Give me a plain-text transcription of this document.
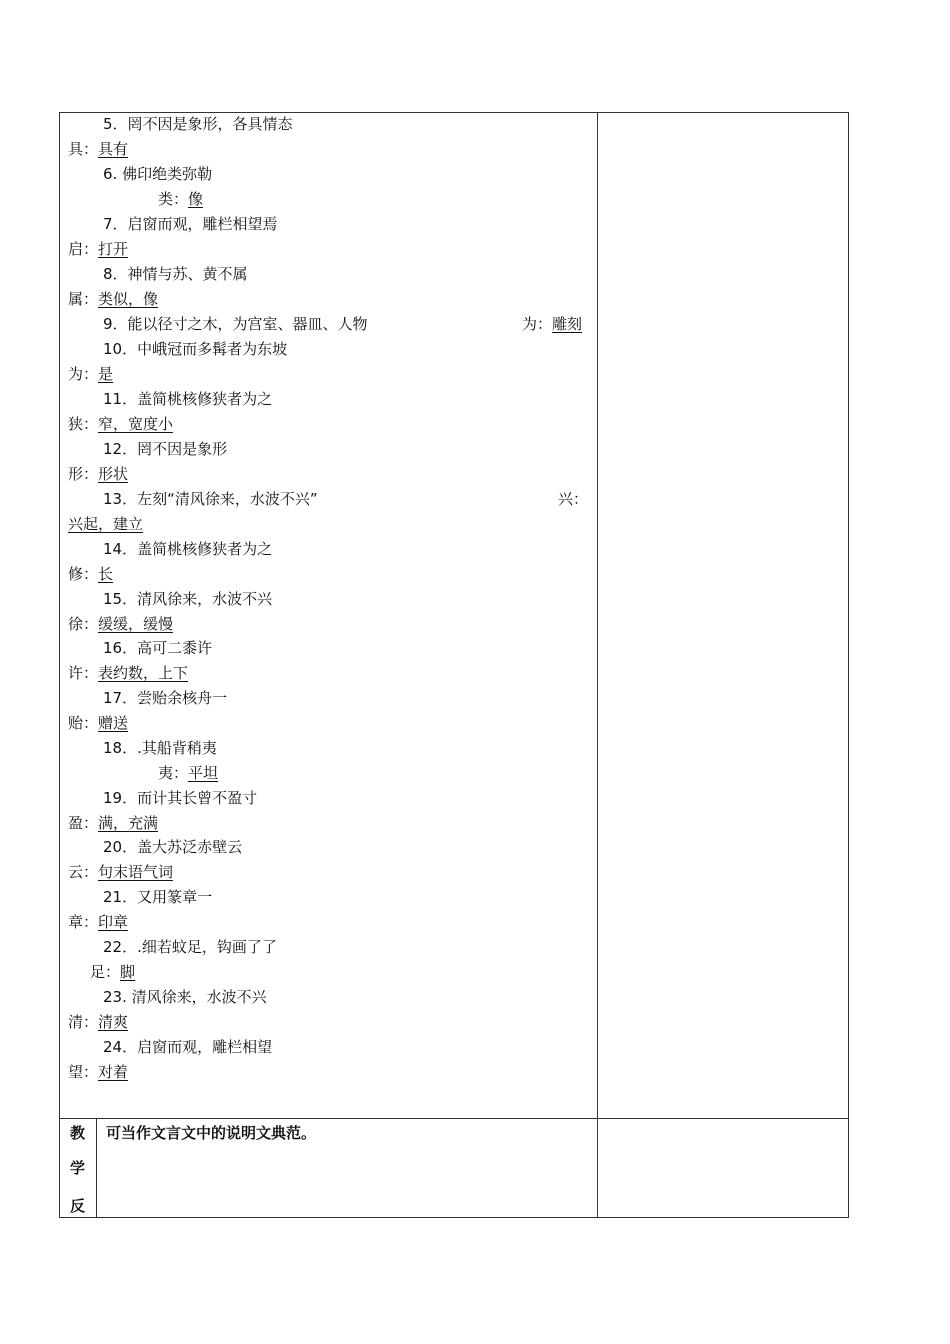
5．罔不因是象形，各具情态
具：具有
6. 佛印绝类弥勒
类：像
7．启窗而观，雕栏相望焉
启：打开
8．神情与苏、黄不属
属：类似，像
9．能以径寸之木，为宫室、器皿、人物	为：雕刻
10．中峨冠而多髯者为东坡
为：是
11．盖简桃核修狭者为之
狭：窄，宽度小
12．罔不因是象形
形：形状
13．左刻“清风徐来，水波不兴”	兴：
兴起，建立
14．盖简桃核修狭者为之
修：长
15．清风徐来，水波不兴
徐：缓缓，缓慢
16．高可二黍许
许：表约数，上下
17．尝贻余核舟一
贻：赠送
18．.其船背稍夷
夷：平坦
19．而计其长曾不盈寸
盈：满，充满
20．盖大苏泛赤壁云
云：句末语气词
21．又用篆章一
章：印章
22．.细若蚊足，钩画了了
足：脚
23. 清风徐来，水波不兴
清：清爽
24．启窗而观，雕栏相望
望：对着
教
学
反
可当作文言文中的说明文典范。
